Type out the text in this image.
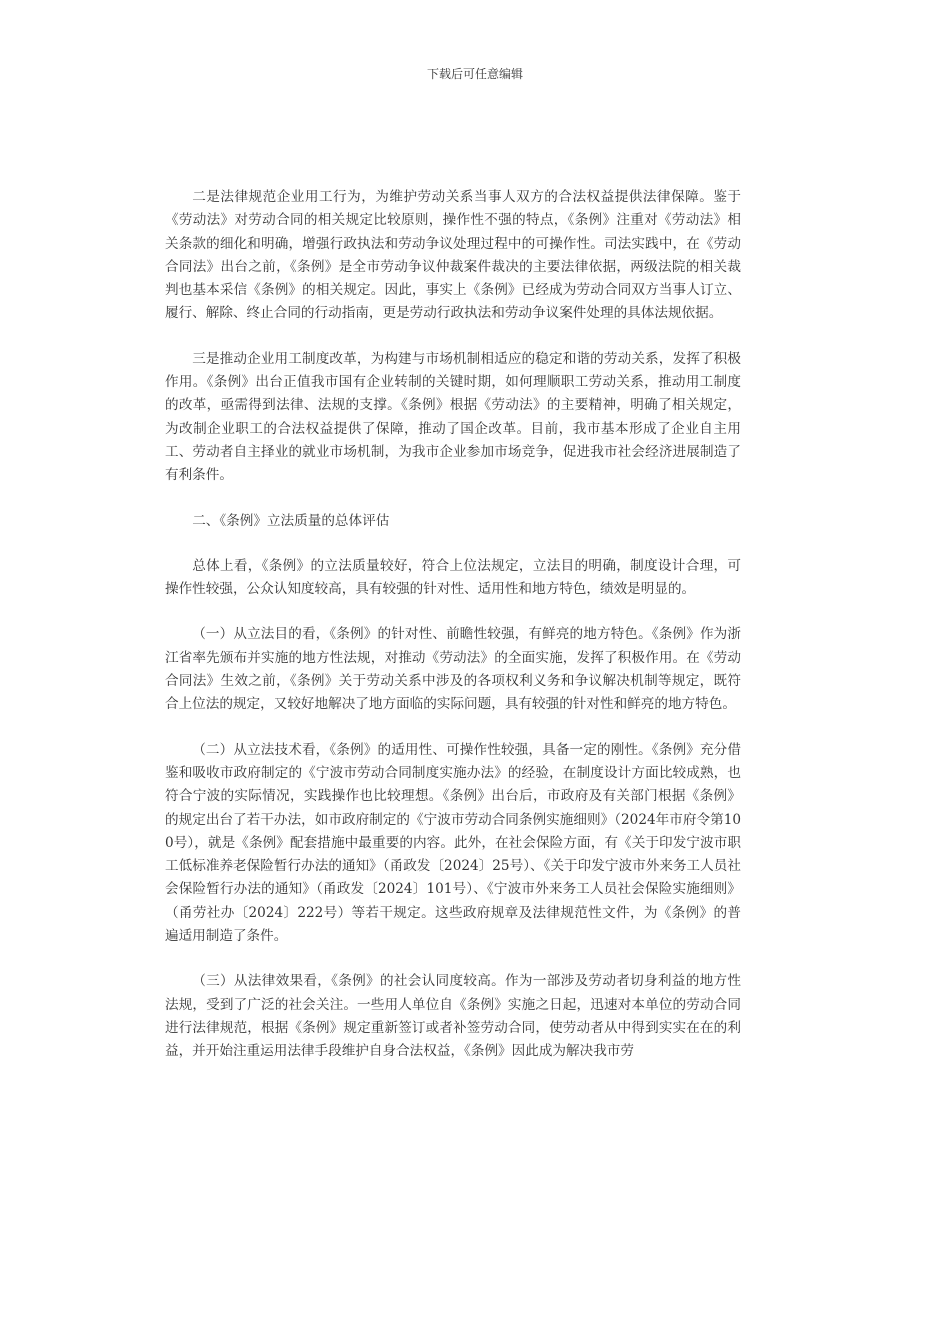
下载后可任意编辑

二是法律规范企业用工行为，为维护劳动关系当事人双方的合法权益提供法律保障。鉴于《劳动法》对劳动合同的相关规定比较原则，操作性不强的特点，《条例》注重对《劳动法》相关条款的细化和明确，增强行政执法和劳动争议处理过程中的可操作性。司法实践中，在《劳动合同法》出台之前，《条例》是全市劳动争议仲裁案件裁决的主要法律依据，两级法院的相关裁判也基本采信《条例》的相关规定。因此，事实上《条例》已经成为劳动合同双方当事人订立、履行、解除、终止合同的行动指南，更是劳动行政执法和劳动争议案件处理的具体法规依据。

三是推动企业用工制度改革，为构建与市场机制相适应的稳定和谐的劳动关系，发挥了积极作用。《条例》出台正值我市国有企业转制的关键时期，如何理顺职工劳动关系，推动用工制度的改革，亟需得到法律、法规的支撑。《条例》根据《劳动法》的主要精神，明确了相关规定，为改制企业职工的合法权益提供了保障，推动了国企改革。目前，我市基本形成了企业自主用工、劳动者自主择业的就业市场机制，为我市企业参加市场竞争，促进我市社会经济进展制造了有利条件。

二、《条例》立法质量的总体评估

总体上看，《条例》的立法质量较好，符合上位法规定，立法目的明确，制度设计合理，可操作性较强，公众认知度较高，具有较强的针对性、适用性和地方特色，绩效是明显的。

（一）从立法目的看，《条例》的针对性、前瞻性较强，有鲜亮的地方特色。《条例》作为浙江省率先颁布并实施的地方性法规，对推动《劳动法》的全面实施，发挥了积极作用。在《劳动合同法》生效之前，《条例》关于劳动关系中涉及的各项权利义务和争议解决机制等规定，既符合上位法的规定，又较好地解决了地方面临的实际问题，具有较强的针对性和鲜亮的地方特色。

（二）从立法技术看，《条例》的适用性、可操作性较强，具备一定的刚性。《条例》充分借鉴和吸收市政府制定的《宁波市劳动合同制度实施办法》的经验，在制度设计方面比较成熟，也符合宁波的实际情况，实践操作也比较理想。《条例》出台后，市政府及有关部门根据《条例》的规定出台了若干办法，如市政府制定的《宁波市劳动合同条例实施细则》（2024年市府令第100号），就是《条例》配套措施中最重要的内容。此外，在社会保险方面，有《关于印发宁波市职工低标准养老保险暂行办法的通知》（甬政发〔2024〕25号）、《关于印发宁波市外来务工人员社会保险暂行办法的通知》（甬政发〔2024〕101号）、《宁波市外来务工人员社会保险实施细则》（甬劳社办〔2024〕222号）等若干规定。这些政府规章及法律规范性文件，为《条例》的普遍适用制造了条件。

（三）从法律效果看，《条例》的社会认同度较高。作为一部涉及劳动者切身利益的地方性法规，受到了广泛的社会关注。一些用人单位自《条例》实施之日起，迅速对本单位的劳动合同进行法律规范，根据《条例》规定重新签订或者补签劳动合同，使劳动者从中得到实实在在的利益，并开始注重运用法律手段维护自身合法权益，《条例》因此成为解决我市劳
